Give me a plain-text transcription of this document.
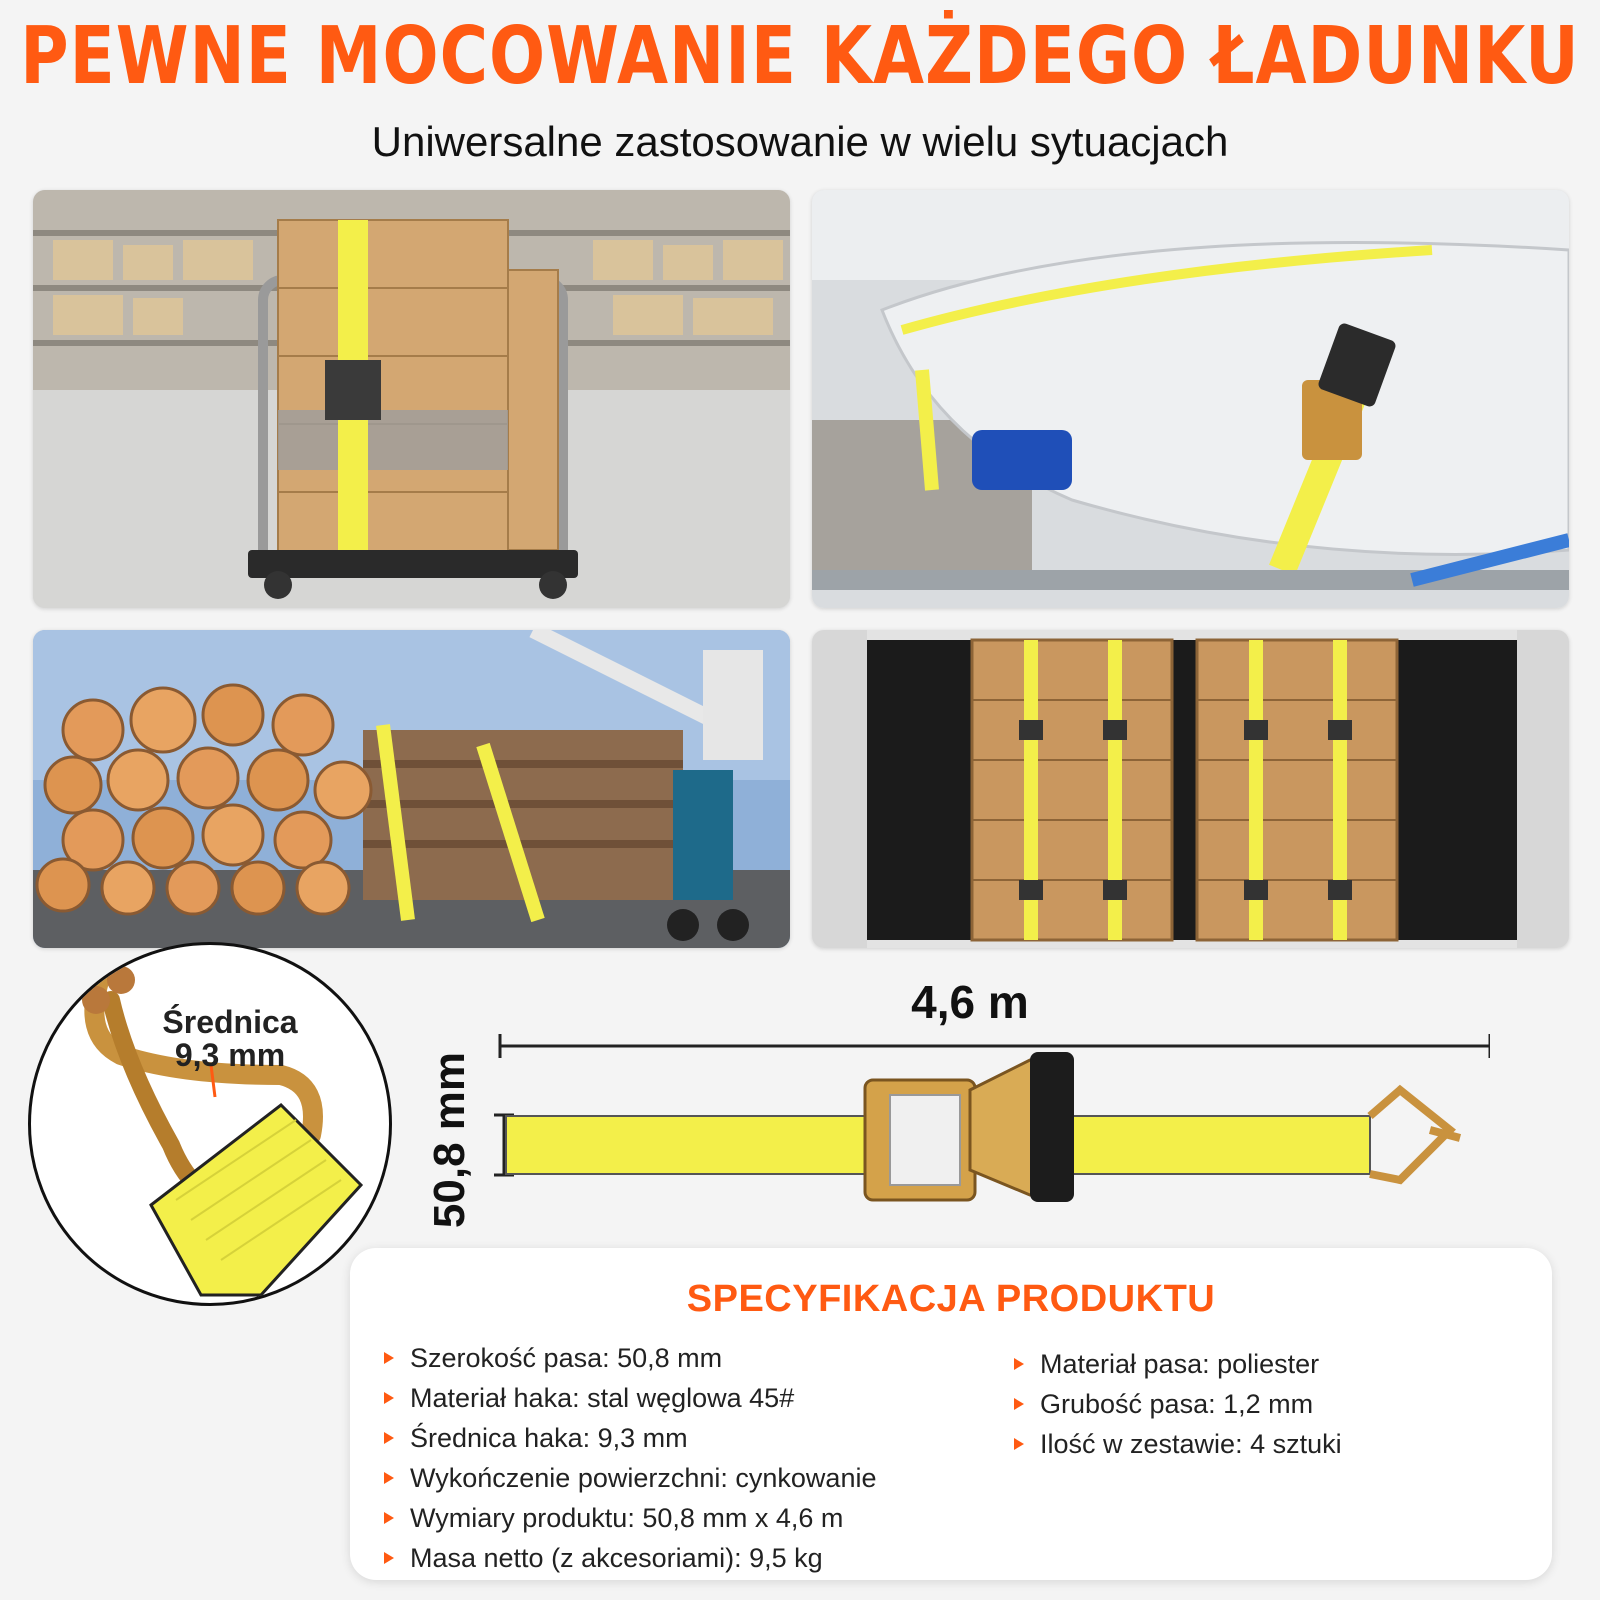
PEWNE MOCOWANIE KAŻDEGO ŁADUNKU
Uniwersalne zastosowanie w wielu sytuacjach
Średnica
9,3 mm
4,6 m
50,8 mm
SPECYFIKACJA PRODUKTU
Szerokość pasa: 50,8 mm
Materiał haka: stal węglowa 45#
Średnica haka: 9,3 mm
Wykończenie powierzchni: cynkowanie
Wymiary produktu: 50,8 mm x 4,6 m
Masa netto (z akcesoriami): 9,5 kg
Materiał pasa: poliester
Grubość pasa: 1,2 mm
Ilość w zestawie: 4 sztuki
